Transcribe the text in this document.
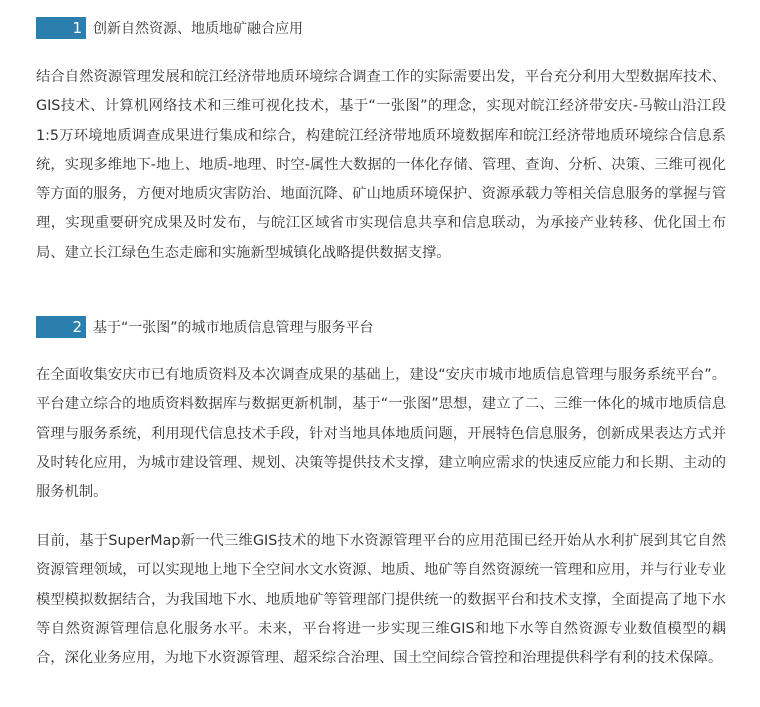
1 创新自然资源、地质地矿融合应用

结合自然资源管理发展和皖江经济带地质环境综合调查工作的实际需要出发，平台充分利用大型数据库技术、GIS技术、计算机网络技术和三维可视化技术，基于“一张图”的理念，实现对皖江经济带安庆-马鞍山沿江段1:5万环境地质调查成果进行集成和综合，构建皖江经济带地质环境数据库和皖江经济带地质环境综合信息系统，实现多维地下-地上、地质-地理、时空-属性大数据的一体化存储、管理、查询、分析、决策、三维可视化等方面的服务，方便对地质灾害防治、地面沉降、矿山地质环境保护、资源承载力等相关信息服务的掌握与管理，实现重要研究成果及时发布，与皖江区域省市实现信息共享和信息联动，为承接产业转移、优化国土布局、建立长江绿色生态走廊和实施新型城镇化战略提供数据支撑。

2 基于“一张图”的城市地质信息管理与服务平台

在全面收集安庆市已有地质资料及本次调查成果的基础上，建设“安庆市城市地质信息管理与服务系统平台”。平台建立综合的地质资料数据库与数据更新机制，基于“一张图”思想，建立了二、三维一体化的城市地质信息管理与服务系统，利用现代信息技术手段，针对当地具体地质问题，开展特色信息服务，创新成果表达方式并及时转化应用，为城市建设管理、规划、决策等提供技术支撑，建立响应需求的快速反应能力和长期、主动的服务机制。

目前，基于SuperMap新一代三维GIS技术的地下水资源管理平台的应用范围已经开始从水利扩展到其它自然资源管理领域，可以实现地上地下全空间水文水资源、地质、地矿等自然资源统一管理和应用，并与行业专业模型模拟数据结合，为我国地下水、地质地矿等管理部门提供统一的数据平台和技术支撑，全面提高了地下水等自然资源管理信息化服务水平。未来，平台将进一步实现三维GIS和地下水等自然资源专业数值模型的耦合，深化业务应用，为地下水资源管理、超采综合治理、国土空间综合管控和治理提供科学有利的技术保障。
